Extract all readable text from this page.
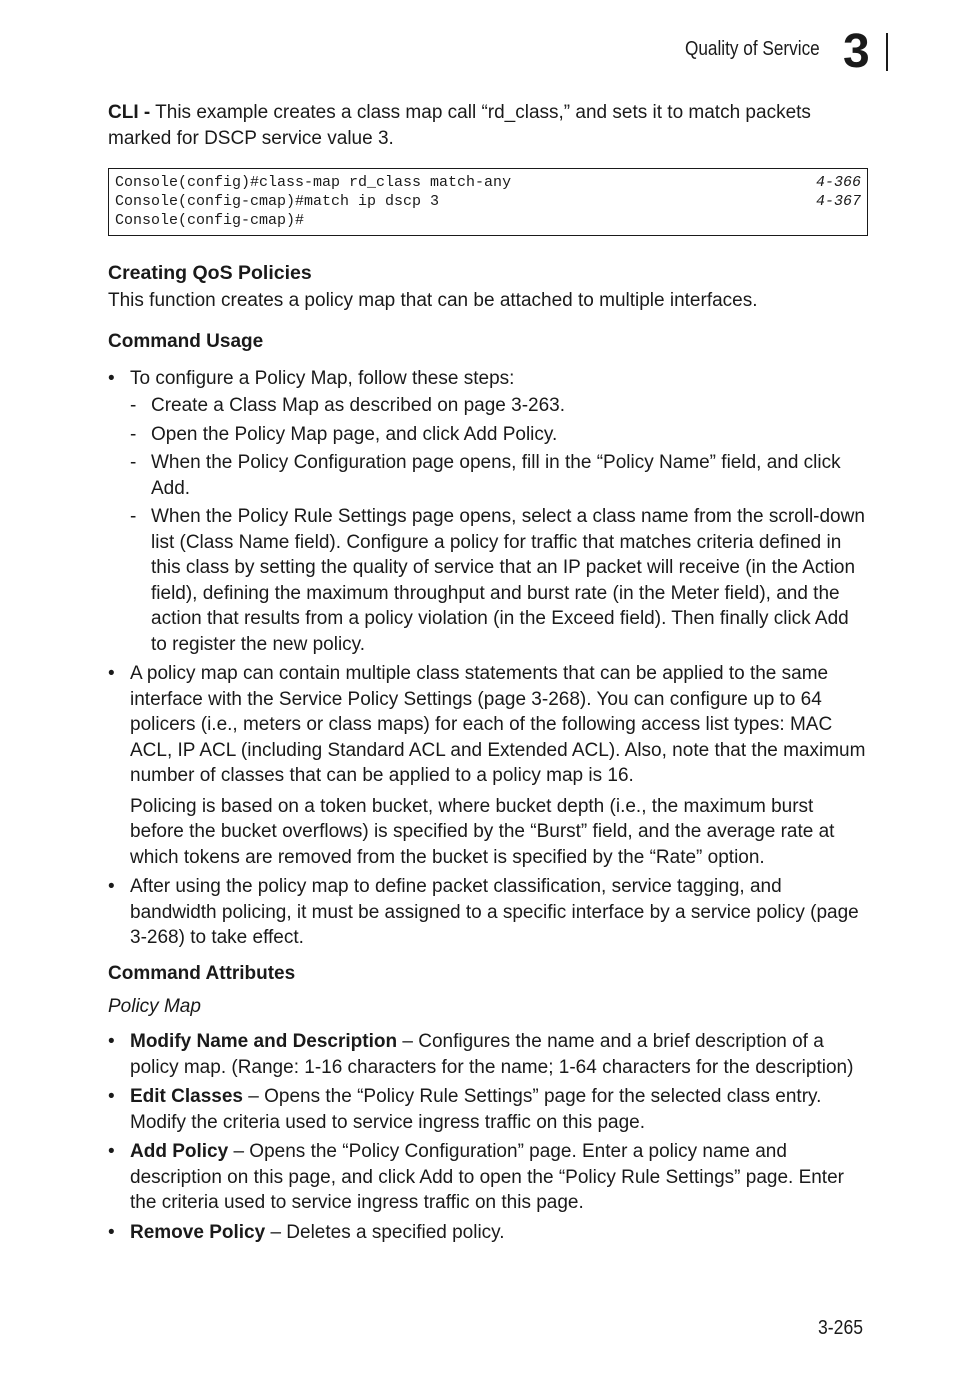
Quality of Service 3

CLI - This example creates a class map call “rd_class,” and sets it to match packets marked for DSCP service value 3.

Console(config)#class-map rd_class match-any	4-366
Console(config-cmap)#match ip dscp 3	4-367
Console(config-cmap)#
Creating QoS Policies

This function creates a policy map that can be attached to multiple interfaces.

Command Usage
• To configure a Policy Map, follow these steps:
- Create a Class Map as described on page 3-263.
- Open the Policy Map page, and click Add Policy.
- When the Policy Configuration page opens, fill in the “Policy Name” field, and click Add.
- When the Policy Rule Settings page opens, select a class name from the scroll-down list (Class Name field). Configure a policy for traffic that matches criteria defined in this class by setting the quality of service that an IP packet will receive (in the Action field), defining the maximum throughput and burst rate (in the Meter field), and the action that results from a policy violation (in the Exceed field). Then finally click Add to register the new policy.

• A policy map can contain multiple class statements that can be applied to the same interface with the Service Policy Settings (page 3-268). You can configure up to 64 policers (i.e., meters or class maps) for each of the following access list types: MAC ACL, IP ACL (including Standard ACL and Extended ACL). Also, note that the maximum number of classes that can be applied to a policy map is 16.

Policing is based on a token bucket, where bucket depth (i.e., the maximum burst before the bucket overflows) is specified by the “Burst” field, and the average rate at which tokens are removed from the bucket is specified by the “Rate” option.

• After using the policy map to define packet classification, service tagging, and bandwidth policing, it must be assigned to a specific interface by a service policy (page 3-268) to take effect.
Command Attributes

Policy Map

• Modify Name and Description – Configures the name and a brief description of a policy map. (Range: 1-16 characters for the name; 1-64 characters for the description)
• Edit Classes – Opens the “Policy Rule Settings” page for the selected class entry. Modify the criteria used to service ingress traffic on this page.
• Add Policy – Opens the “Policy Configuration” page. Enter a policy name and description on this page, and click Add to open the “Policy Rule Settings” page. Enter the criteria used to service ingress traffic on this page.
• Remove Policy – Deletes a specified policy.
3-265
